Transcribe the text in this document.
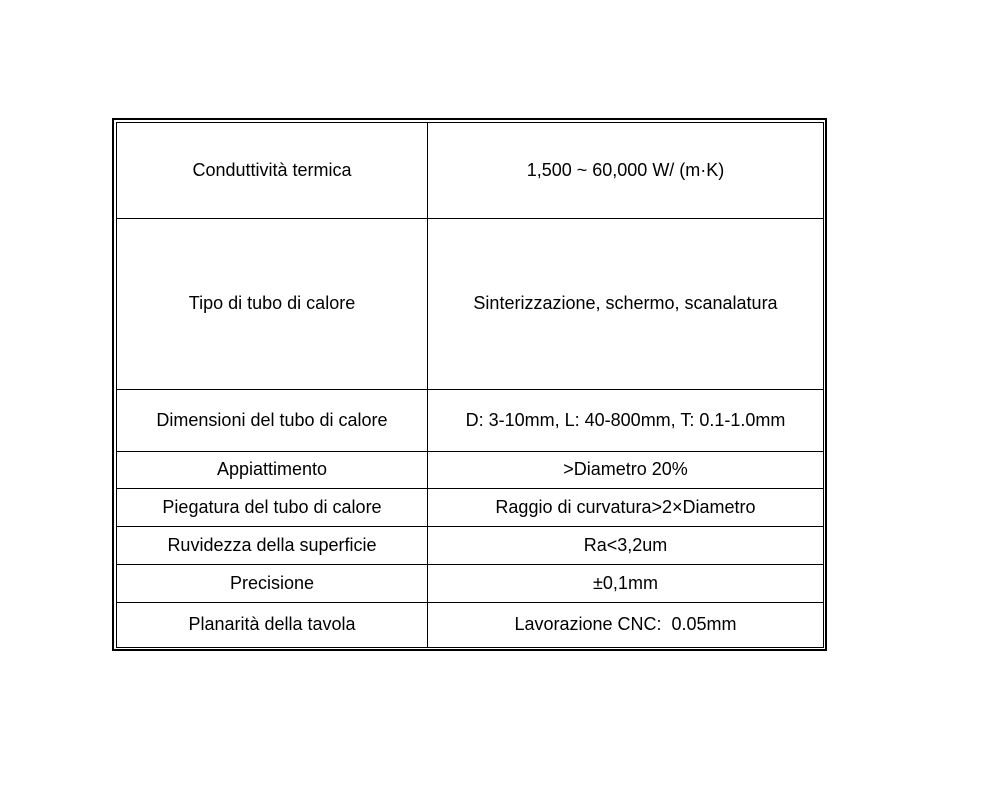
Conduttività termica	1,500 ~ 60,000 W/ (m·K)
Tipo di tubo di calore	Sinterizzazione, schermo, scanalatura
Dimensioni del tubo di calore	D: 3-10mm, L: 40-800mm, T: 0.1-1.0mm
Appiattimento	>Diametro 20%
Piegatura del tubo di calore	Raggio di curvatura>2×Diametro
Ruvidezza della superficie	Ra<3,2um
Precisione	±0,1mm
Planarità della tavola	Lavorazione CNC:  0.05mm
